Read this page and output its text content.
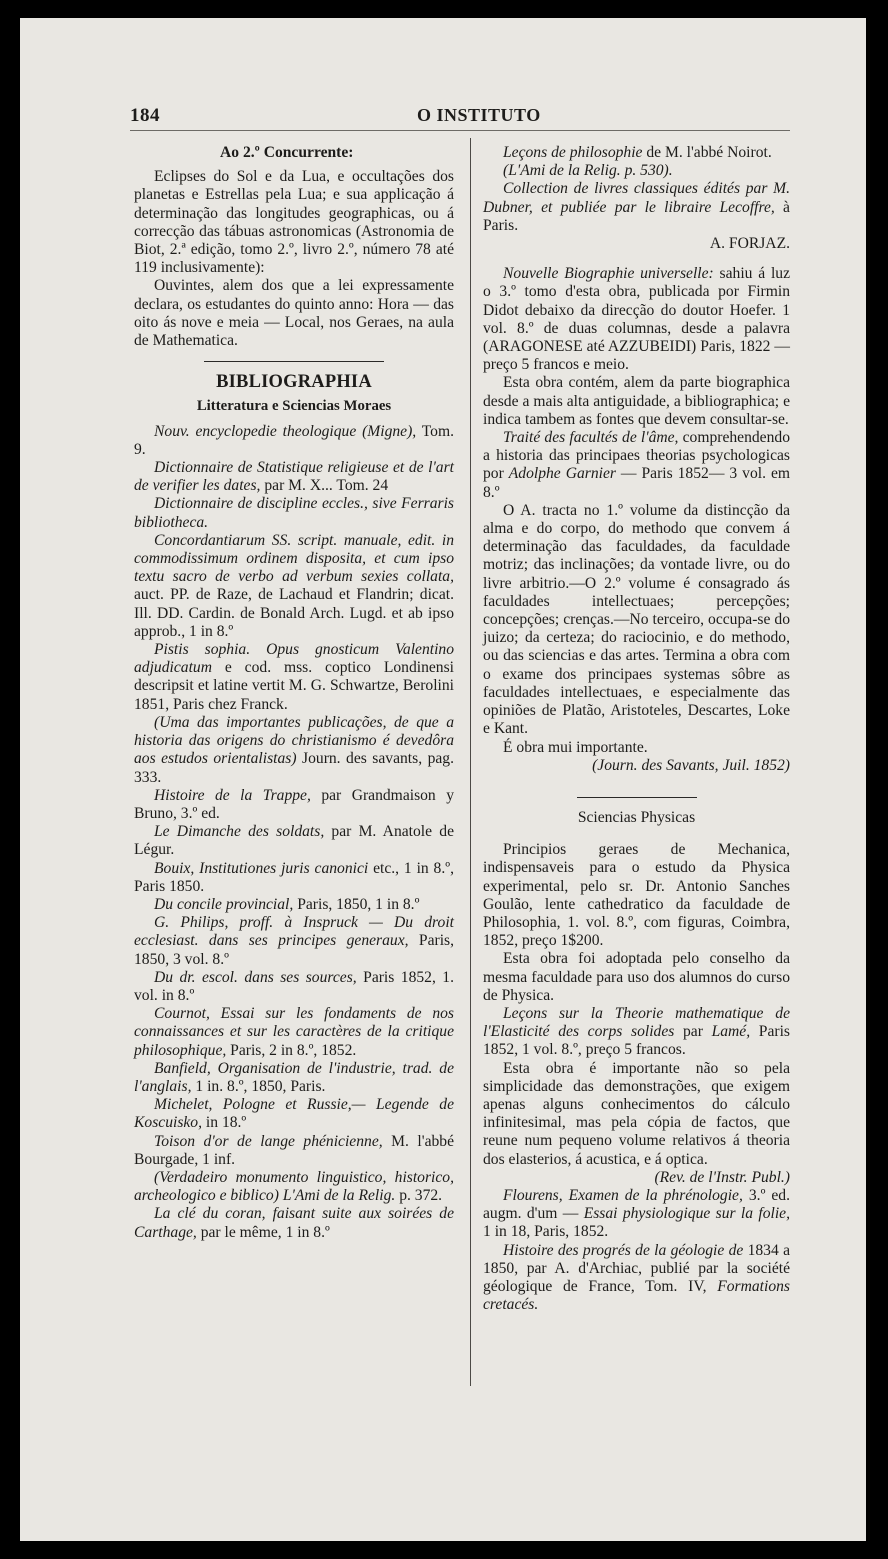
184	O INSTITUTO

Ao 2.º Concurrente:

Eclipses do Sol e da Lua, e occultações dos planetas e Estrellas pela Lua; e sua applicação á determinação das longitudes geographicas, ou á correcção das tábuas astronomicas (Astronomia de Biot, 2.ª edição, tomo 2.º, livro 2.º, número 78 até 119 inclusivamente):

Ouvintes, alem dos que a lei expressamente declara, os estudantes do quinto anno: Hora — das oito ás nove e meia — Local, nos Geraes, na aula de Mathematica.

BIBLIOGRAPHIA

Litteratura e Sciencias Moraes

Nouv. encyclopedie theologique (Migne), Tom. 9.

Dictionnaire de Statistique religieuse et de l'art de verifier les dates, par M. X... Tom. 24

Dictionnaire de discipline eccles., sive Ferraris bibliotheca.

Concordantiarum SS. script. manuale, edit. in commodissimum ordinem disposita, et cum ipso textu sacro de verbo ad verbum sexies collata, auct. PP. de Raze, de Lachaud et Flandrin; dicat. Ill. DD. Cardin. de Bonald Arch. Lugd. et ab ipso approb., 1 in 8.º

Pistis sophia. Opus gnosticum Valentino adjudicatum e cod. mss. coptico Londinensi descripsit et latine vertit M. G. Schwartze, Berolini 1851, Paris chez Franck.

(Uma das importantes publicações, de que a historia das origens do christianismo é devedôra aos estudos orientalistas) Journ. des savants, pag. 333.

Histoire de la Trappe, par Grandmaison y Bruno, 3.º ed.

Le Dimanche des soldats, par M. Anatole de Légur.

Bouix, Institutiones juris canonici etc., 1 in 8.º, Paris 1850.

Du concile provincial, Paris, 1850, 1 in 8.º

G. Philips, proff. à Inspruck — Du droit ecclesiast. dans ses principes generaux, Paris, 1850, 3 vol. 8.º

Du dr. escol. dans ses sources, Paris 1852, 1. vol. in 8.º

Cournot, Essai sur les fondaments de nos connaissances et sur les caractères de la critique philosophique, Paris, 2 in 8.º, 1852.

Banfield, Organisation de l'industrie, trad. de l'anglais, 1 in. 8.º, 1850, Paris.

Michelet, Pologne et Russie,— Legende de Koscuisko, in 18.º

Toison d'or de lange phénicienne, M. l'abbé Bourgade, 1 inf.

(Verdadeiro monumento linguistico, historico, archeologico e biblico) L'Ami de la Relig. p. 372.

La clé du coran, faisant suite aux soirées de Carthage, par le même, 1 in 8.º

Leçons de philosophie de M. l'abbé Noirot.

(L'Ami de la Relig. p. 530).

Collection de livres classiques édités par M. Dubner, et publiée par le libraire Lecoffre, à Paris.

A. FORJAZ.

Nouvelle Biographie universelle: sahiu á luz o 3.º tomo d'esta obra, publicada por Firmin Didot debaixo da direcção do doutor Hoefer. 1 vol. 8.º de duas columnas, desde a palavra (ARAGONESE até AZZUBEIDI) Paris, 1822 — preço 5 francos e meio.

Esta obra contém, alem da parte biographica desde a mais alta antiguidade, a bibliographica; e indica tambem as fontes que devem consultar-se.

Traité des facultés de l'âme, comprehendendo a historia das principaes theorias psychologicas por Adolphe Garnier — Paris 1852— 3 vol. em 8.º

O A. tracta no 1.º volume da distincção da alma e do corpo, do methodo que convem á determinação das faculdades, da faculdade motriz; das inclinações; da vontade livre, ou do livre arbitrio.—O 2.º volume é consagrado ás faculdades intellectuaes; percepções; concepções; crenças.—No terceiro, occupa-se do juizo; da certeza; do raciocinio, e do methodo, ou das sciencias e das artes. Termina a obra com o exame dos principaes systemas sôbre as faculdades intellectuaes, e especialmente das opiniões de Platão, Aristoteles, Descartes, Loke e Kant.

É obra mui importante.

(Journ. des Savants, Juil. 1852)

Sciencias Physicas

Principios geraes de Mechanica, indispensaveis para o estudo da Physica experimental, pelo sr. Dr. Antonio Sanches Goulão, lente cathedratico da faculdade de Philosophia, 1. vol. 8.º, com figuras, Coimbra, 1852, preço 1$200.

Esta obra foi adoptada pelo conselho da mesma faculdade para uso dos alumnos do curso de Physica.

Leçons sur la Theorie mathematique de l'Elasticité des corps solides par Lamé, Paris 1852, 1 vol. 8.º, preço 5 francos.

Esta obra é importante não so pela simplicidade das demonstrações, que exigem apenas alguns conhecimentos do cálculo infinitesimal, mas pela cópia de factos, que reune num pequeno volume relativos á theoria dos elasterios, á acustica, e á optica.

(Rev. de l'Instr. Publ.)

Flourens, Examen de la phrénologie, 3.º ed. augm. d'um — Essai physiologique sur la folie, 1 in 18, Paris, 1852.

Histoire des progrés de la géologie de 1834 a 1850, par A. d'Archiac, publié par la société géologique de France, Tom. IV, Formations cretacés.
